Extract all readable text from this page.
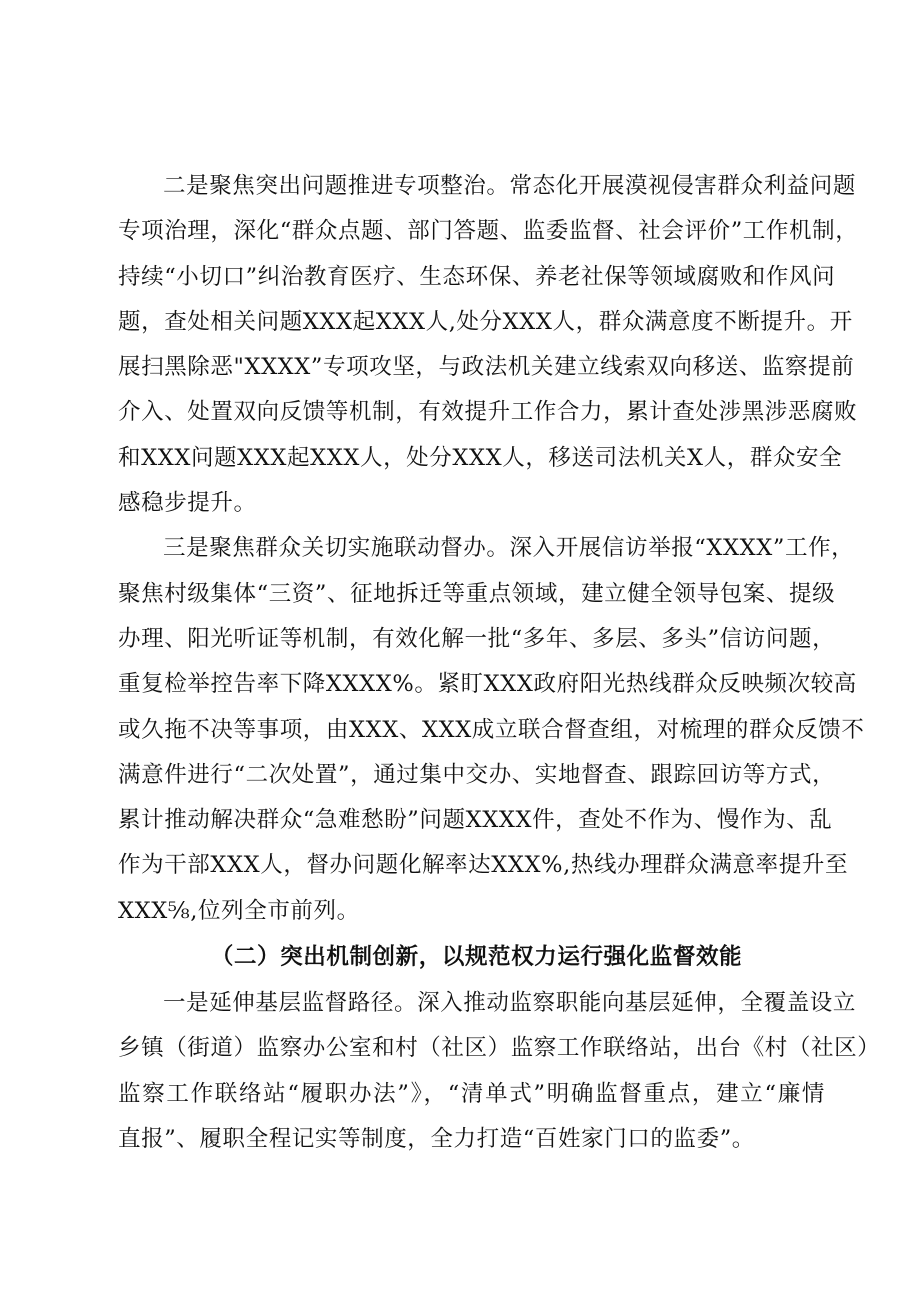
二是聚焦突出问题推进专项整治。常态化开展漠视侵害群众利益问题
专项治理，深化“群众点题、部门答题、监委监督、社会评价”工作机制，
持续“小切口”纠治教育医疗、生态环保、养老社保等领域腐败和作风问
题，查处相关问题XXX起XXX人,处分XXX人，群众满意度不断提升。开
展扫黑除恶"XXXX”专项攻坚，与政法机关建立线索双向移送、监察提前
介入、处置双向反馈等机制，有效提升工作合力，累计查处涉黑涉恶腐败
和XXX问题XXX起XXX人，处分XXX人，移送司法机关X人，群众安全
感稳步提升。
三是聚焦群众关切实施联动督办。深入开展信访举报“XXXX”工作，
聚焦村级集体“三资”、征地拆迁等重点领域，建立健全领导包案、提级
办理、阳光听证等机制，有效化解一批“多年、多层、多头”信访问题，
重复检举控告率下降XXXX%。紧盯XXX政府阳光热线群众反映频次较高
或久拖不决等事项，由XXX、XXX成立联合督查组，对梳理的群众反馈不
满意件进行“二次处置”，通过集中交办、实地督查、跟踪回访等方式，
累计推动解决群众“急难愁盼”问题XXXX件，查处不作为、慢作为、乱
作为干部XXX人，督办问题化解率达XXX%,热线办理群众满意率提升至
XXX⅝,位列全市前列。
（二）突出机制创新，以规范权力运行强化监督效能
一是延伸基层监督路径。深入推动监察职能向基层延伸，全覆盖设立
乡镇（街道）监察办公室和村（社区）监察工作联络站，出台《村（社区）
监察工作联络站“履职办法”》，“清单式”明确监督重点，建立“廉情
直报”、履职全程记实等制度，全力打造“百姓家门口的监委”。
